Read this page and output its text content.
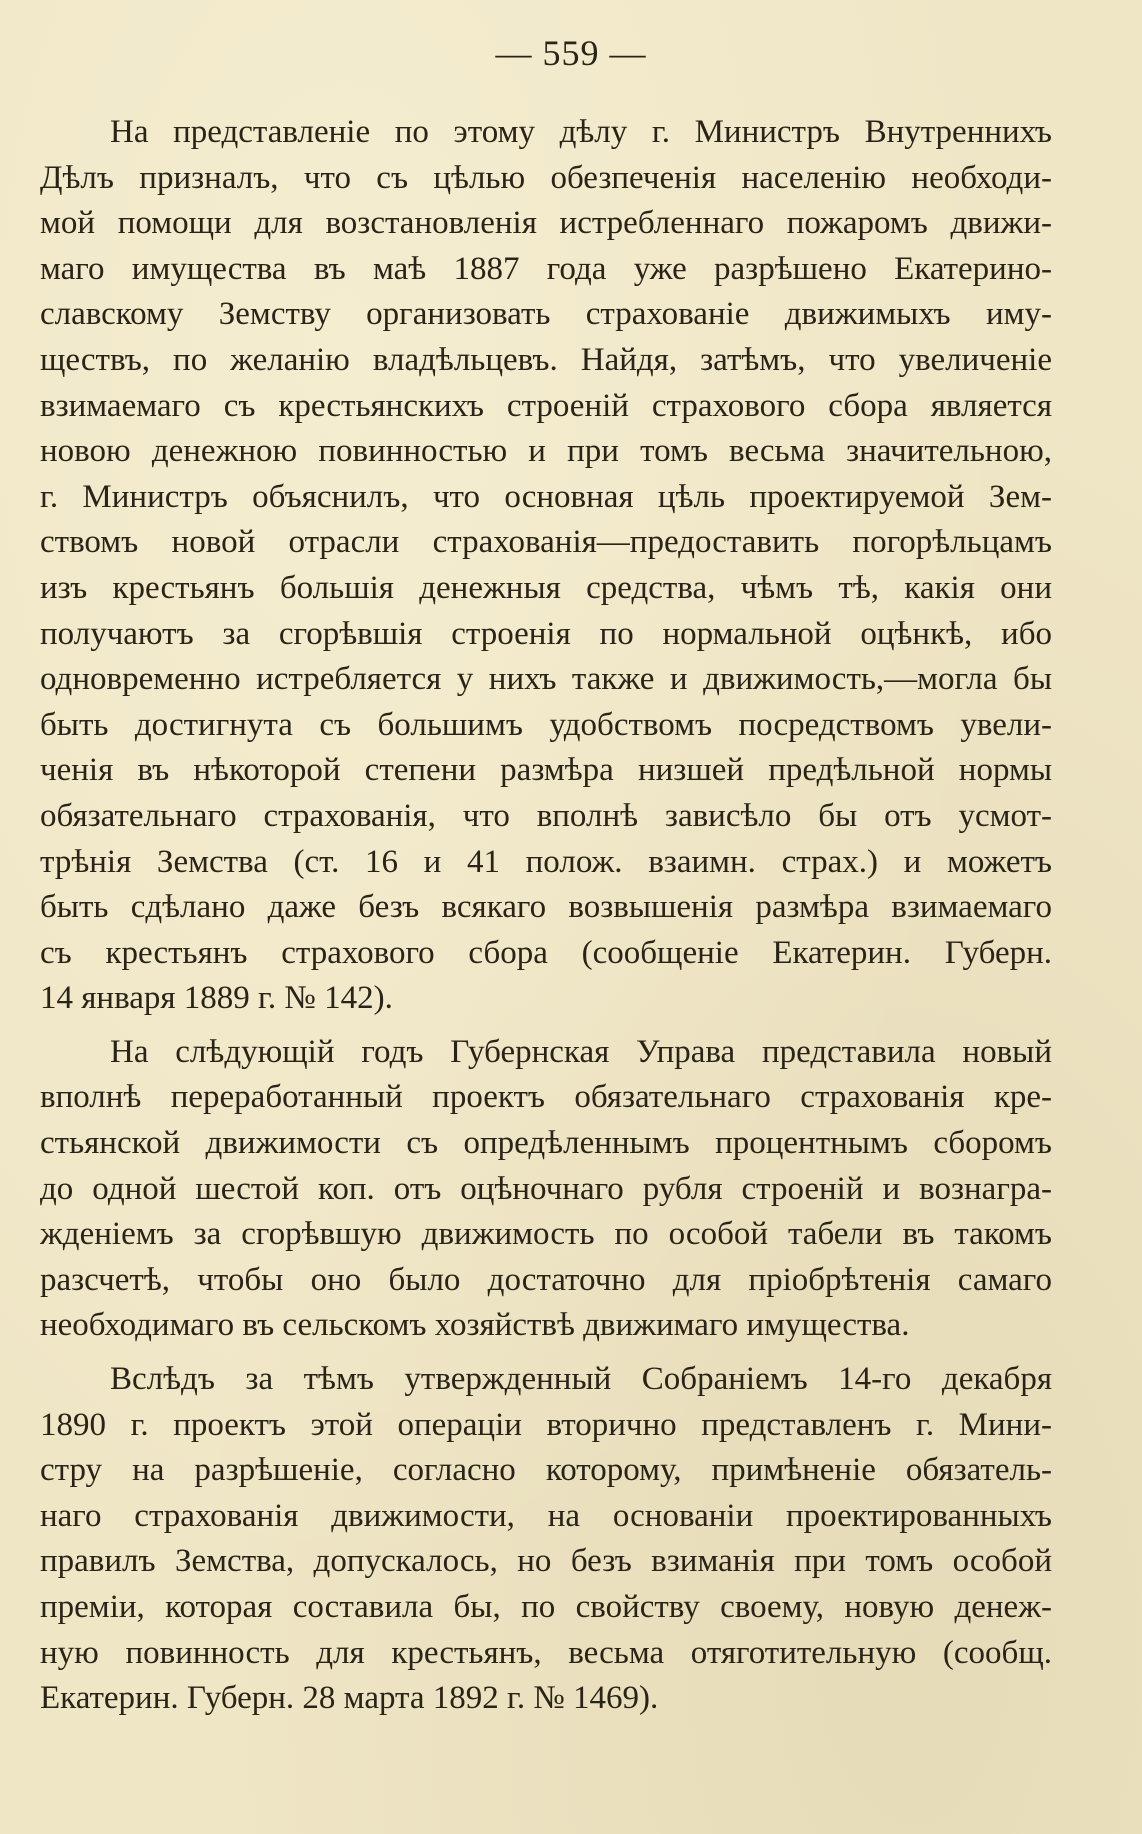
— 559 —
На представленіе по этому дѣлу г. Министръ Внутреннихъ
Дѣлъ призналъ, что съ цѣлью обезпеченія населенію необходи-
мой помощи для возстановленія истребленнаго пожаромъ движи-
маго имущества въ маѣ 1887 года уже разрѣшено Екатерино-
славскому Земству организовать страхованіе движимыхъ иму-
ществъ, по желанію владѣльцевъ. Найдя, затѣмъ, что увеличеніе
взимаемаго съ крестьянскихъ строеній страхового сбора является
новою денежною повинностью и при томъ весьма значительною,
г. Министръ объяснилъ, что основная цѣль проектируемой Зем-
ствомъ новой отрасли страхованія—предоставить погорѣльцамъ
изъ крестьянъ большія денежныя средства, чѣмъ тѣ, какія они
получаютъ за сгорѣвшія строенія по нормальной оцѣнкѣ, ибо
одновременно истребляется у нихъ также и движимость,—могла бы
быть достигнута съ большимъ удобствомъ посредствомъ увели-
ченія въ нѣкоторой степени размѣра низшей предѣльной нормы
обязательнаго страхованія, что вполнѣ зависѣло бы отъ усмот-
трѣнія Земства (ст. 16 и 41 полож. взаимн. страх.) и можетъ
быть сдѣлано даже безъ всякаго возвышенія размѣра взимаемаго
съ крестьянъ страхового сбора (сообщеніе Екатерин. Губерн.
14 января 1889 г. № 142).
На слѣдующій годъ Губернская Управа представила новый
вполнѣ переработанный проектъ обязательнаго страхованія кре-
стьянской движимости съ опредѣленнымъ процентнымъ сборомъ
до одной шестой коп. отъ оцѣночнаго рубля строеній и вознагра-
жденіемъ за сгорѣвшую движимость по особой табели въ такомъ
разсчетѣ, чтобы оно было достаточно для пріобрѣтенія самаго
необходимаго въ сельскомъ хозяйствѣ движимаго имущества.
Вслѣдъ за тѣмъ утвержденный Собраніемъ 14-го декабря
1890 г. проектъ этой операціи вторично представленъ г. Мини-
стру на разрѣшеніе, согласно которому, примѣненіе обязатель-
наго страхованія движимости, на основаніи проектированныхъ
правилъ Земства, допускалось, но безъ взиманія при томъ особой
преміи, которая составила бы, по свойству своему, новую денеж-
ную повинность для крестьянъ, весьма отяготительную (сообщ.
Екатерин. Губерн. 28 марта 1892 г. № 1469).
